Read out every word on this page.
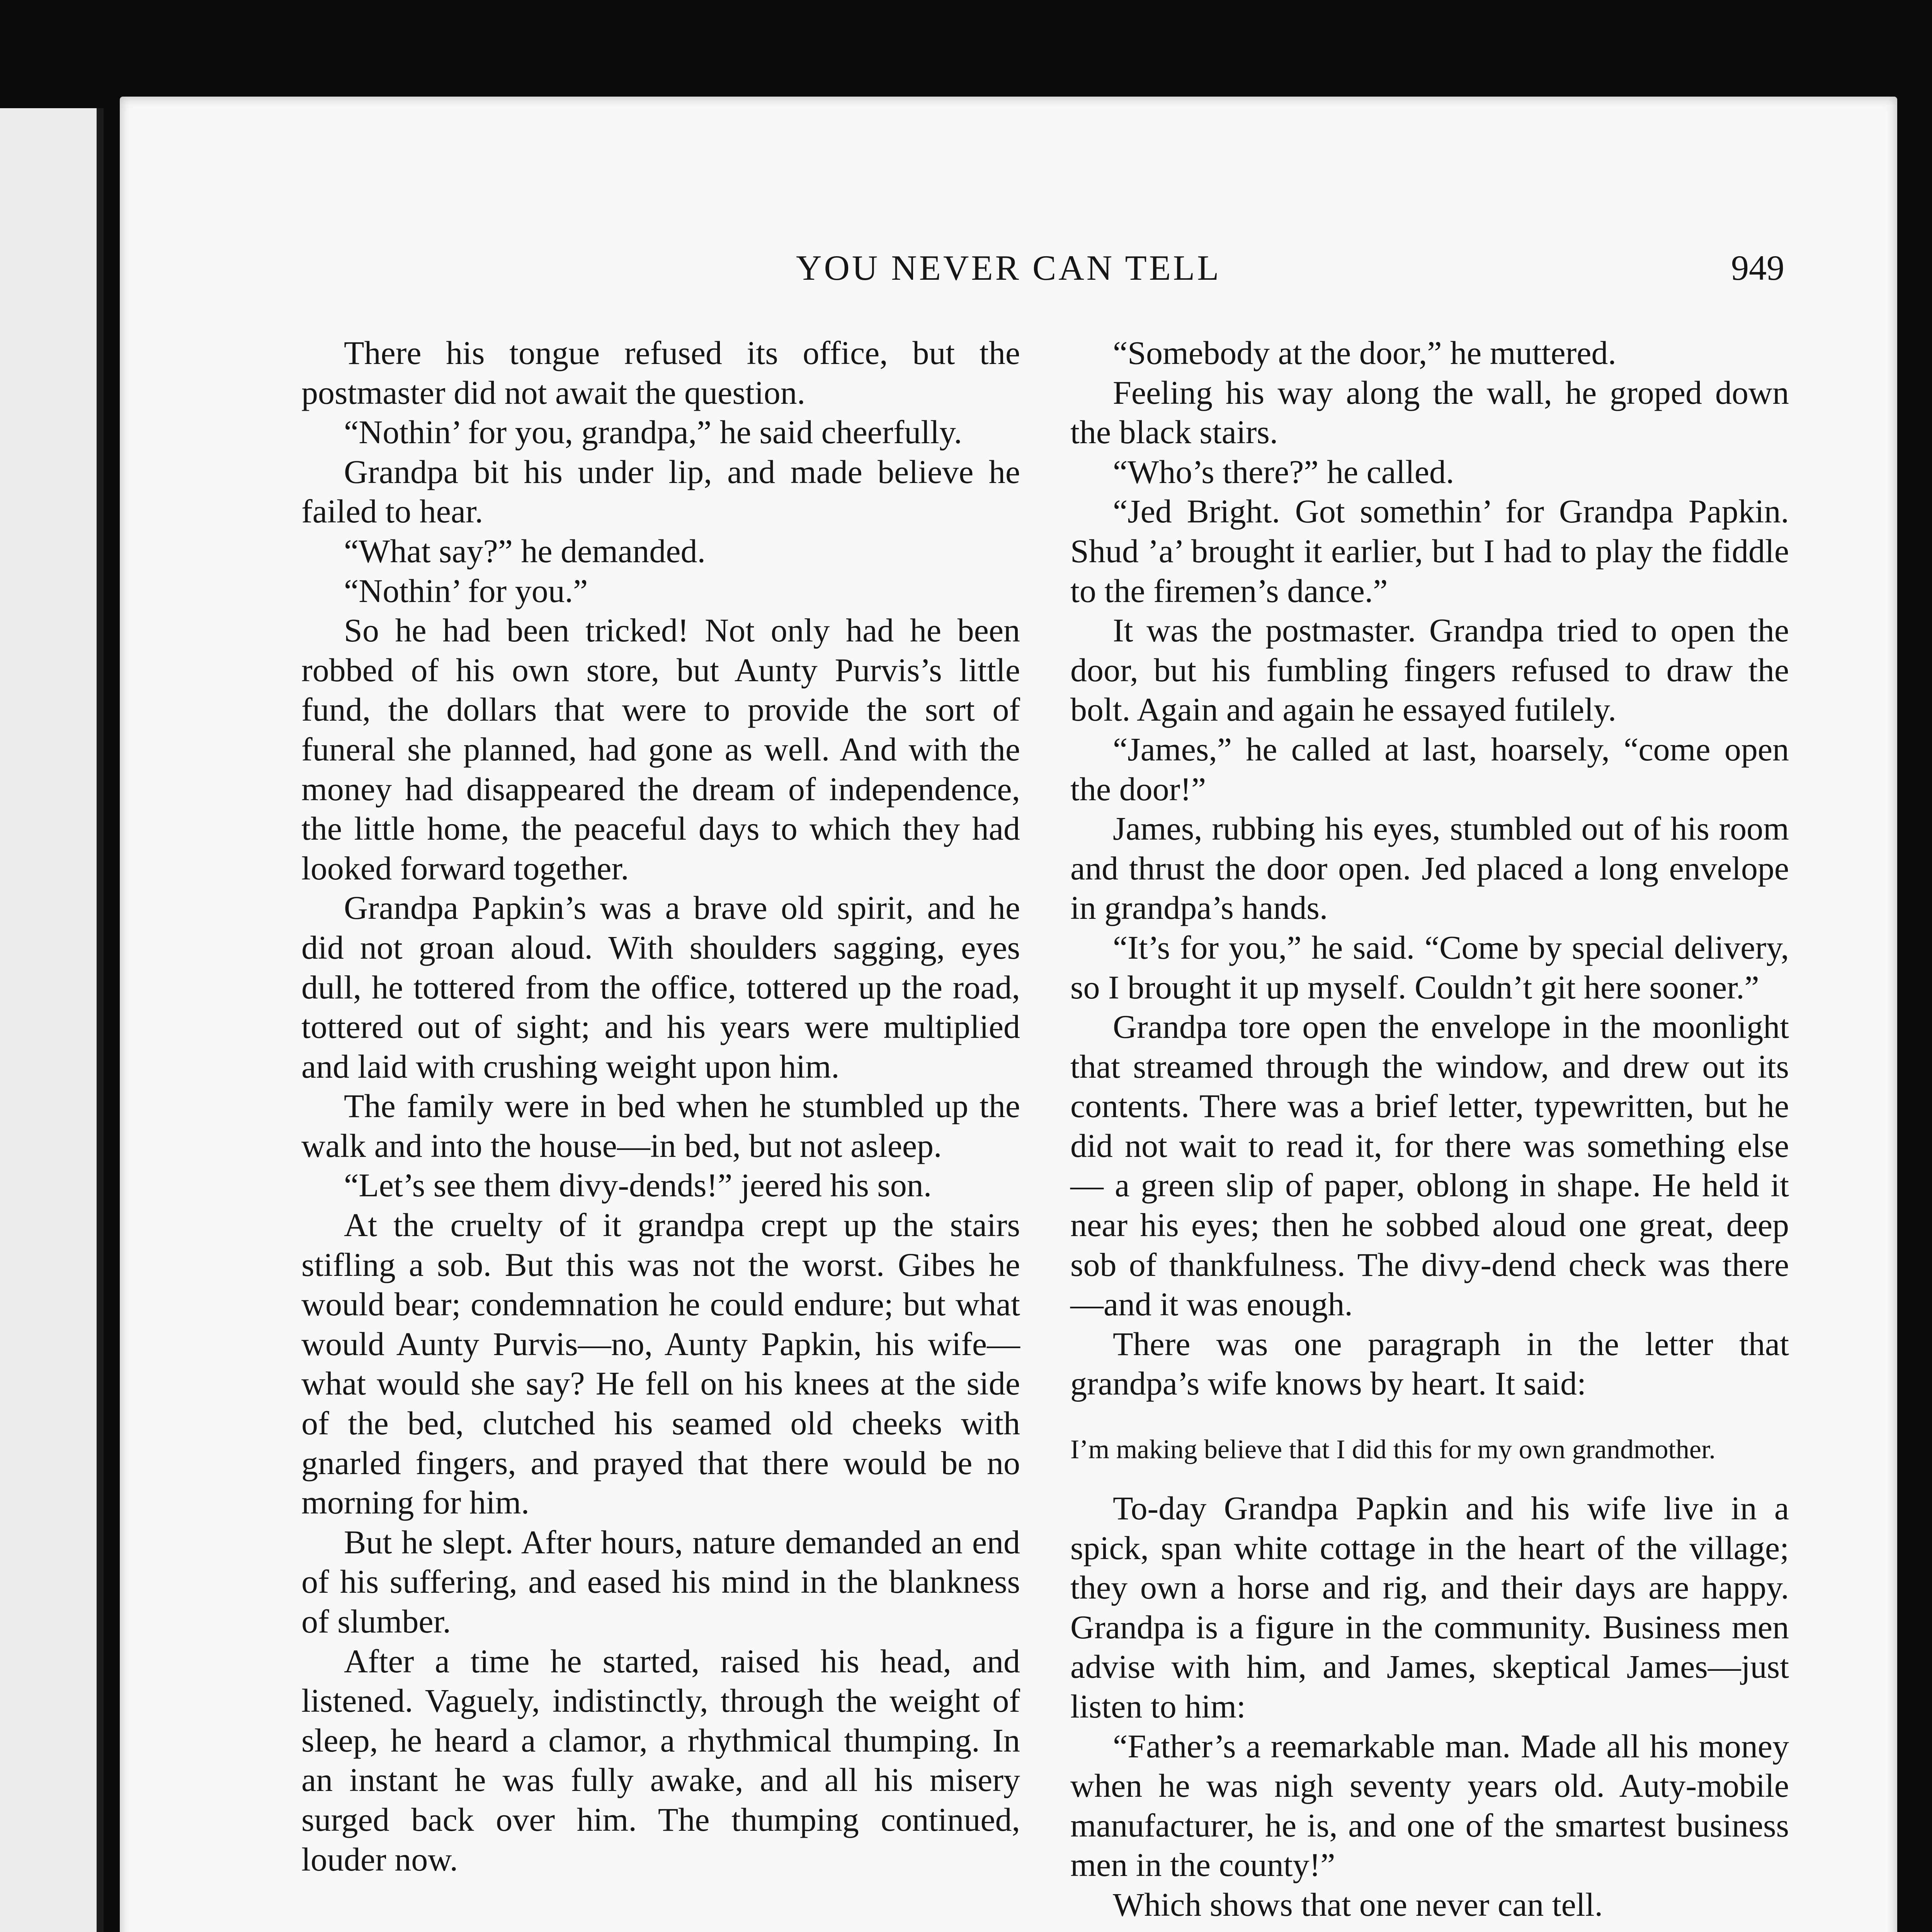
YOU NEVER CAN TELL	949

There his tongue refused its office, but the postmaster did not await the question.

“Nothin’ for you, grandpa,” he said cheerfully.

Grandpa bit his under lip, and made believe he failed to hear.

“What say?” he demanded.

“Nothin’ for you.”

So he had been tricked! Not only had he been robbed of his own store, but Aunty Purvis’s little fund, the dollars that were to provide the sort of funeral she planned, had gone as well. And with the money had disappeared the dream of independence, the little home, the peaceful days to which they had looked forward together.

Grandpa Papkin’s was a brave old spirit, and he did not groan aloud. With shoulders sagging, eyes dull, he tottered from the office, tottered up the road, tottered out of sight; and his years were multiplied and laid with crushing weight upon him.

The family were in bed when he stumbled up the walk and into the house—in bed, but not asleep.

“Let’s see them divy-dends!” jeered his son.

At the cruelty of it grandpa crept up the stairs stifling a sob. But this was not the worst. Gibes he would bear; condemnation he could endure; but what would Aunty Purvis—no, Aunty Papkin, his wife—what would she say? He fell on his knees at the side of the bed, clutched his seamed old cheeks with gnarled fingers, and prayed that there would be no morning for him.

But he slept. After hours, nature demanded an end of his suffering, and eased his mind in the blankness of slumber.

After a time he started, raised his head, and listened. Vaguely, indistinctly, through the weight of sleep, he heard a clamor, a rhythmical thumping. In an instant he was fully awake, and all his misery surged back over him. The thumping continued, louder now.

“Somebody at the door,” he muttered.

Feeling his way along the wall, he groped down the black stairs.

“Who’s there?” he called.

“Jed Bright. Got somethin’ for Grandpa Papkin. Shud ’a’ brought it earlier, but I had to play the fiddle to the firemen’s dance.”

It was the postmaster. Grandpa tried to open the door, but his fumbling fingers refused to draw the bolt. Again and again he essayed futilely.

“James,” he called at last, hoarsely, “come open the door!”

James, rubbing his eyes, stumbled out of his room and thrust the door open. Jed placed a long envelope in grandpa’s hands.

“It’s for you,” he said. “Come by special delivery, so I brought it up myself. Couldn’t git here sooner.”

Grandpa tore open the envelope in the moonlight that streamed through the window, and drew out its contents. There was a brief letter, typewritten, but he did not wait to read it, for there was something else — a green slip of paper, oblong in shape. He held it near his eyes; then he sobbed aloud one great, deep sob of thankfulness. The divy-dend check was there—and it was enough.

There was one paragraph in the letter that grandpa’s wife knows by heart. It said:

I’m making believe that I did this for my own grandmother.

To-day Grandpa Papkin and his wife live in a spick, span white cottage in the heart of the village; they own a horse and rig, and their days are happy. Grandpa is a figure in the community. Business men advise with him, and James, skeptical James—just listen to him:

“Father’s a reemarkable man. Made all his money when he was nigh seventy years old. Auty-mobile manufacturer, he is, and one of the smartest business men in the county!”

Which shows that one never can tell.
